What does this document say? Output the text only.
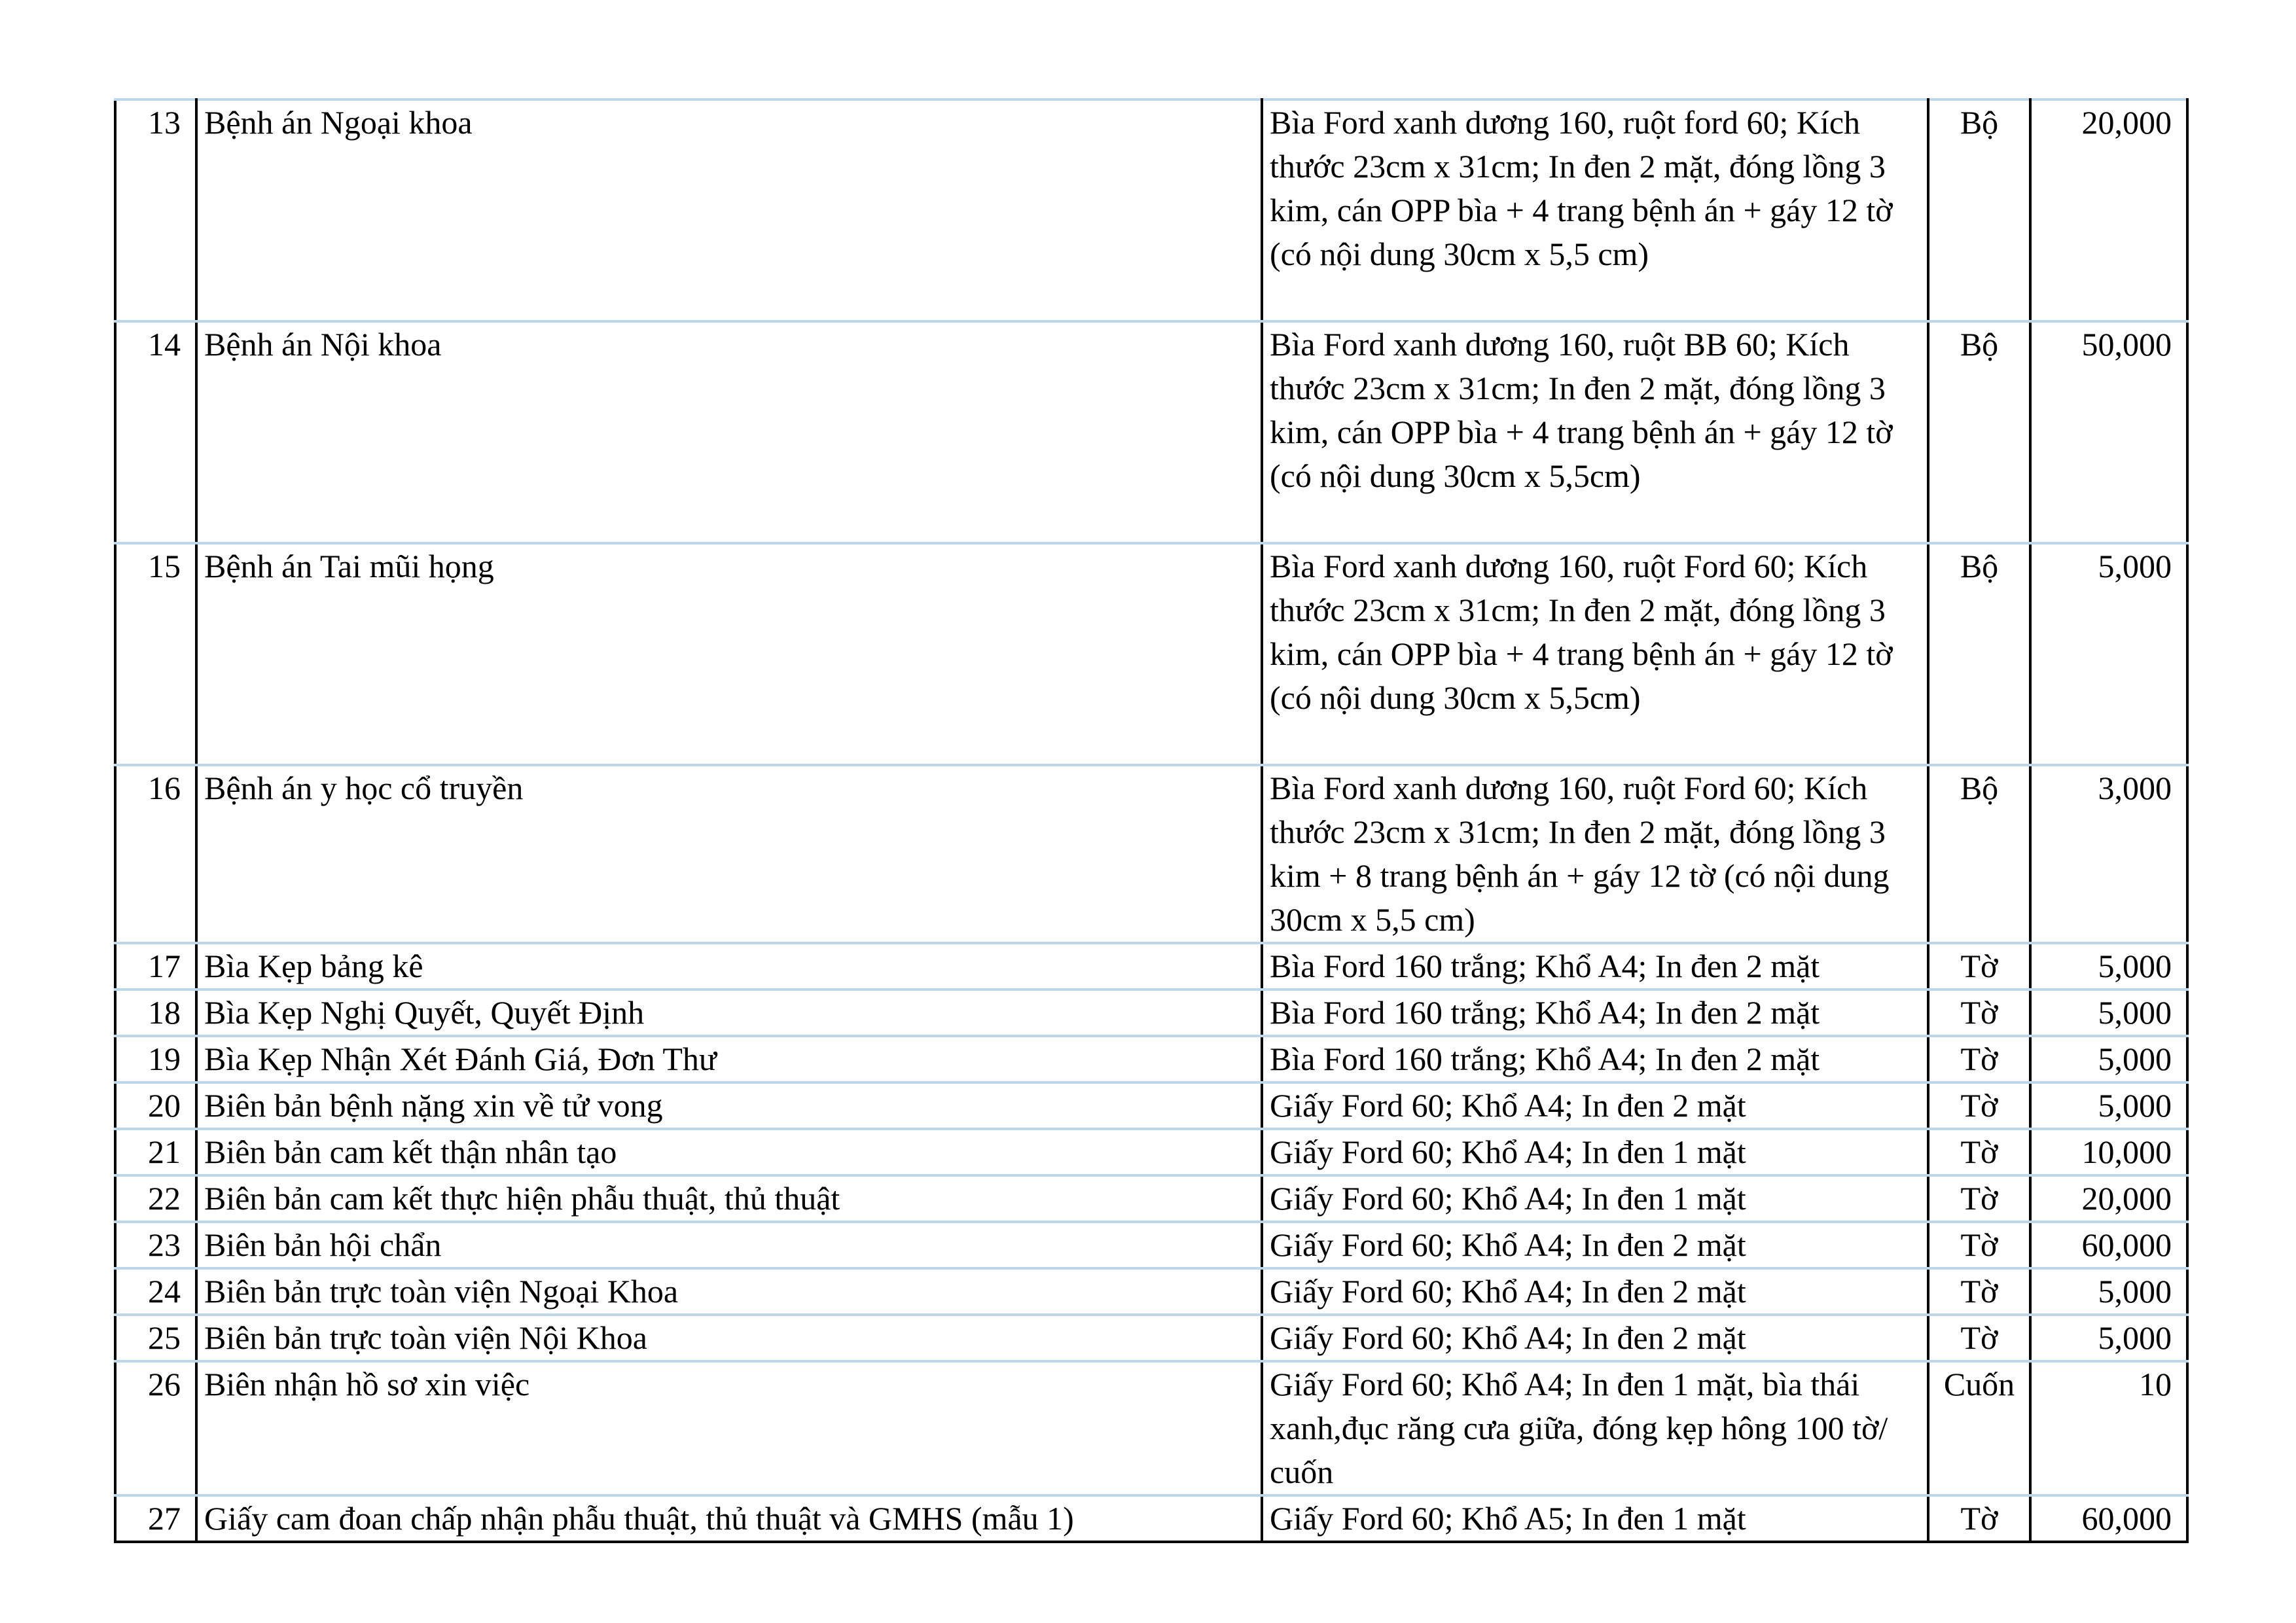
13	Bệnh án Ngoại khoa	Bìa Ford xanh dương 160, ruột ford 60; Kích thước 23cm x 31cm; In đen 2 mặt, đóng lồng 3 kim, cán OPP bìa + 4 trang bệnh án + gáy 12 tờ (có nội dung 30cm x 5,5 cm)	Bộ	20,000
14	Bệnh án Nội khoa	Bìa Ford xanh dương 160, ruột BB 60; Kích thước 23cm x 31cm; In đen 2 mặt, đóng lồng 3 kim, cán OPP bìa + 4 trang bệnh án + gáy 12 tờ (có nội dung 30cm x 5,5cm)	Bộ	50,000
15	Bệnh án Tai mũi họng	Bìa Ford xanh dương 160, ruột Ford 60; Kích thước 23cm x 31cm; In đen 2 mặt, đóng lồng 3 kim, cán OPP bìa + 4 trang bệnh án + gáy 12 tờ (có nội dung 30cm x 5,5cm)	Bộ	5,000
16	Bệnh án y học cổ truyền	Bìa Ford xanh dương 160, ruột Ford 60; Kích thước 23cm x 31cm; In đen 2 mặt, đóng lồng 3 kim + 8 trang bệnh án + gáy 12 tờ (có nội dung 30cm x 5,5 cm)	Bộ	3,000
17	Bìa Kẹp bảng kê	Bìa Ford 160 trắng; Khổ A4; In đen 2 mặt	Tờ	5,000
18	Bìa Kẹp Nghị Quyết, Quyết Định	Bìa Ford 160 trắng; Khổ A4; In đen 2 mặt	Tờ	5,000
19	Bìa Kẹp Nhận Xét Đánh Giá, Đơn Thư	Bìa Ford 160 trắng; Khổ A4; In đen 2 mặt	Tờ	5,000
20	Biên bản bệnh nặng xin về tử vong	Giấy Ford 60; Khổ A4; In đen 2 mặt	Tờ	5,000
21	Biên bản cam kết thận nhân tạo	Giấy Ford 60; Khổ A4; In đen 1 mặt	Tờ	10,000
22	Biên bản cam kết thực hiện phẫu thuật, thủ thuật	Giấy Ford 60; Khổ A4; In đen 1 mặt	Tờ	20,000
23	Biên bản hội chẩn	Giấy Ford 60; Khổ A4; In đen 2 mặt	Tờ	60,000
24	Biên bản trực toàn viện Ngoại Khoa	Giấy Ford 60; Khổ A4; In đen 2 mặt	Tờ	5,000
25	Biên bản trực toàn viện Nội Khoa	Giấy Ford 60; Khổ A4; In đen 2 mặt	Tờ	5,000
26	Biên nhận hồ sơ xin việc	Giấy Ford 60; Khổ A4; In đen 1 mặt, bìa thái xanh,đục răng cưa giữa, đóng kẹp hông 100 tờ/ cuốn	Cuốn	10
27	Giấy cam đoan chấp nhận phẫu thuật, thủ thuật và GMHS (mẫu 1)	Giấy Ford 60; Khổ A5; In đen 1 mặt	Tờ	60,000
